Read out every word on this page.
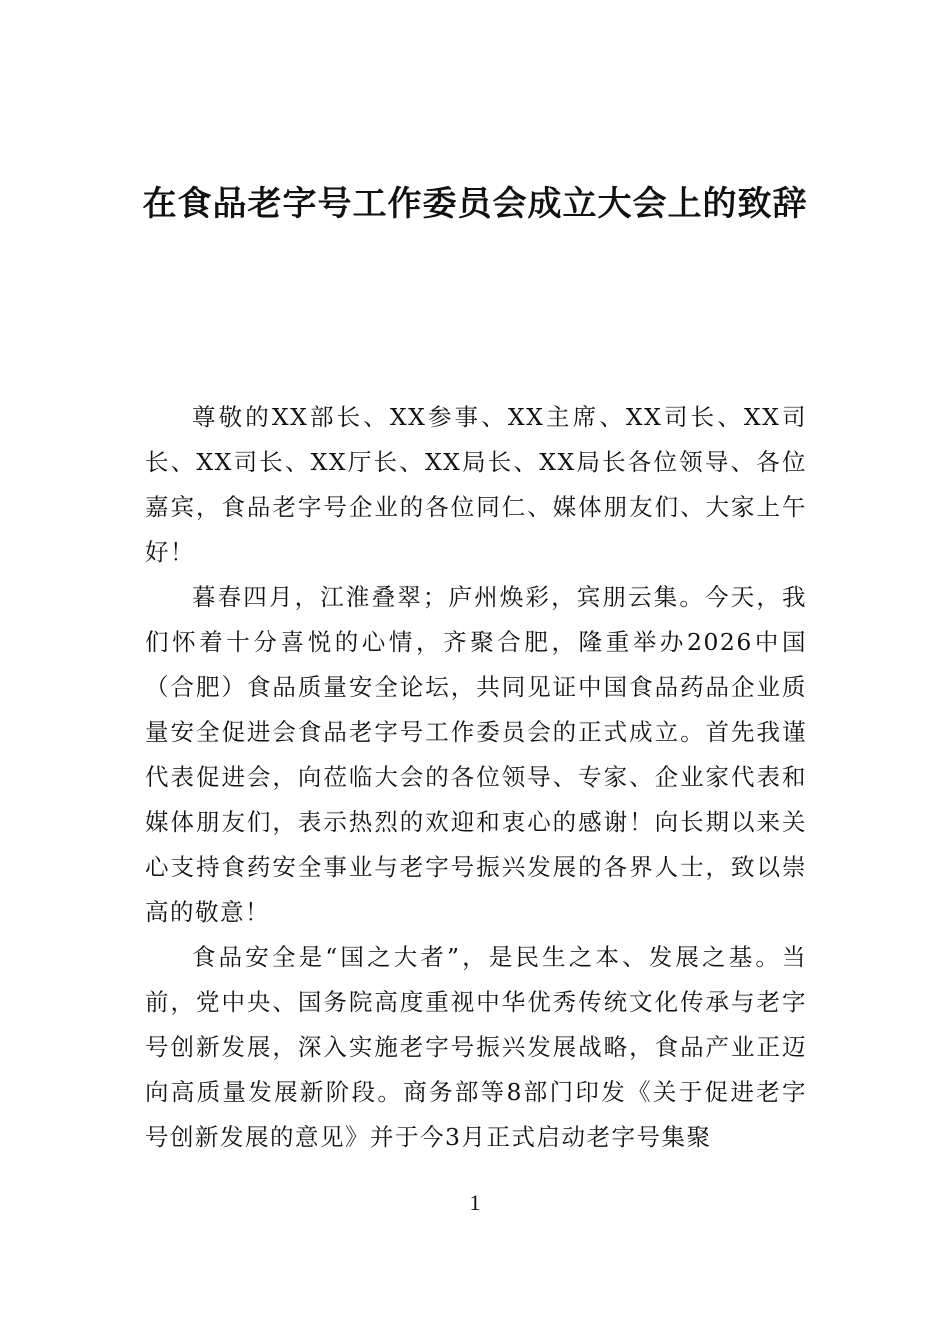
在食品老字号工作委员会成立大会上的致辞

尊敬的XX部长、XX参事、XX主席、XX司长、XX司长、XX司长、XX厅长、XX局长、XX局长各位领导、各位嘉宾，食品老字号企业的各位同仁、媒体朋友们、大家上午好！

暮春四月，江淮叠翠；庐州焕彩，宾朋云集。今天，我们怀着十分喜悦的心情，齐聚合肥，隆重举办2026中国（合肥）食品质量安全论坛，共同见证中国食品药品企业质量安全促进会食品老字号工作委员会的正式成立。首先我谨代表促进会，向莅临大会的各位领导、专家、企业家代表和媒体朋友们，表示热烈的欢迎和衷心的感谢！向长期以来关心支持食药安全事业与老字号振兴发展的各界人士，致以崇高的敬意！

食品安全是“国之大者”，是民生之本、发展之基。当前，党中央、国务院高度重视中华优秀传统文化传承与老字号创新发展，深入实施老字号振兴发展战略，食品产业正迈向高质量发展新阶段。商务部等8部门印发《关于促进老字号创新发展的意见》并于今3月正式启动老字号集聚

1
